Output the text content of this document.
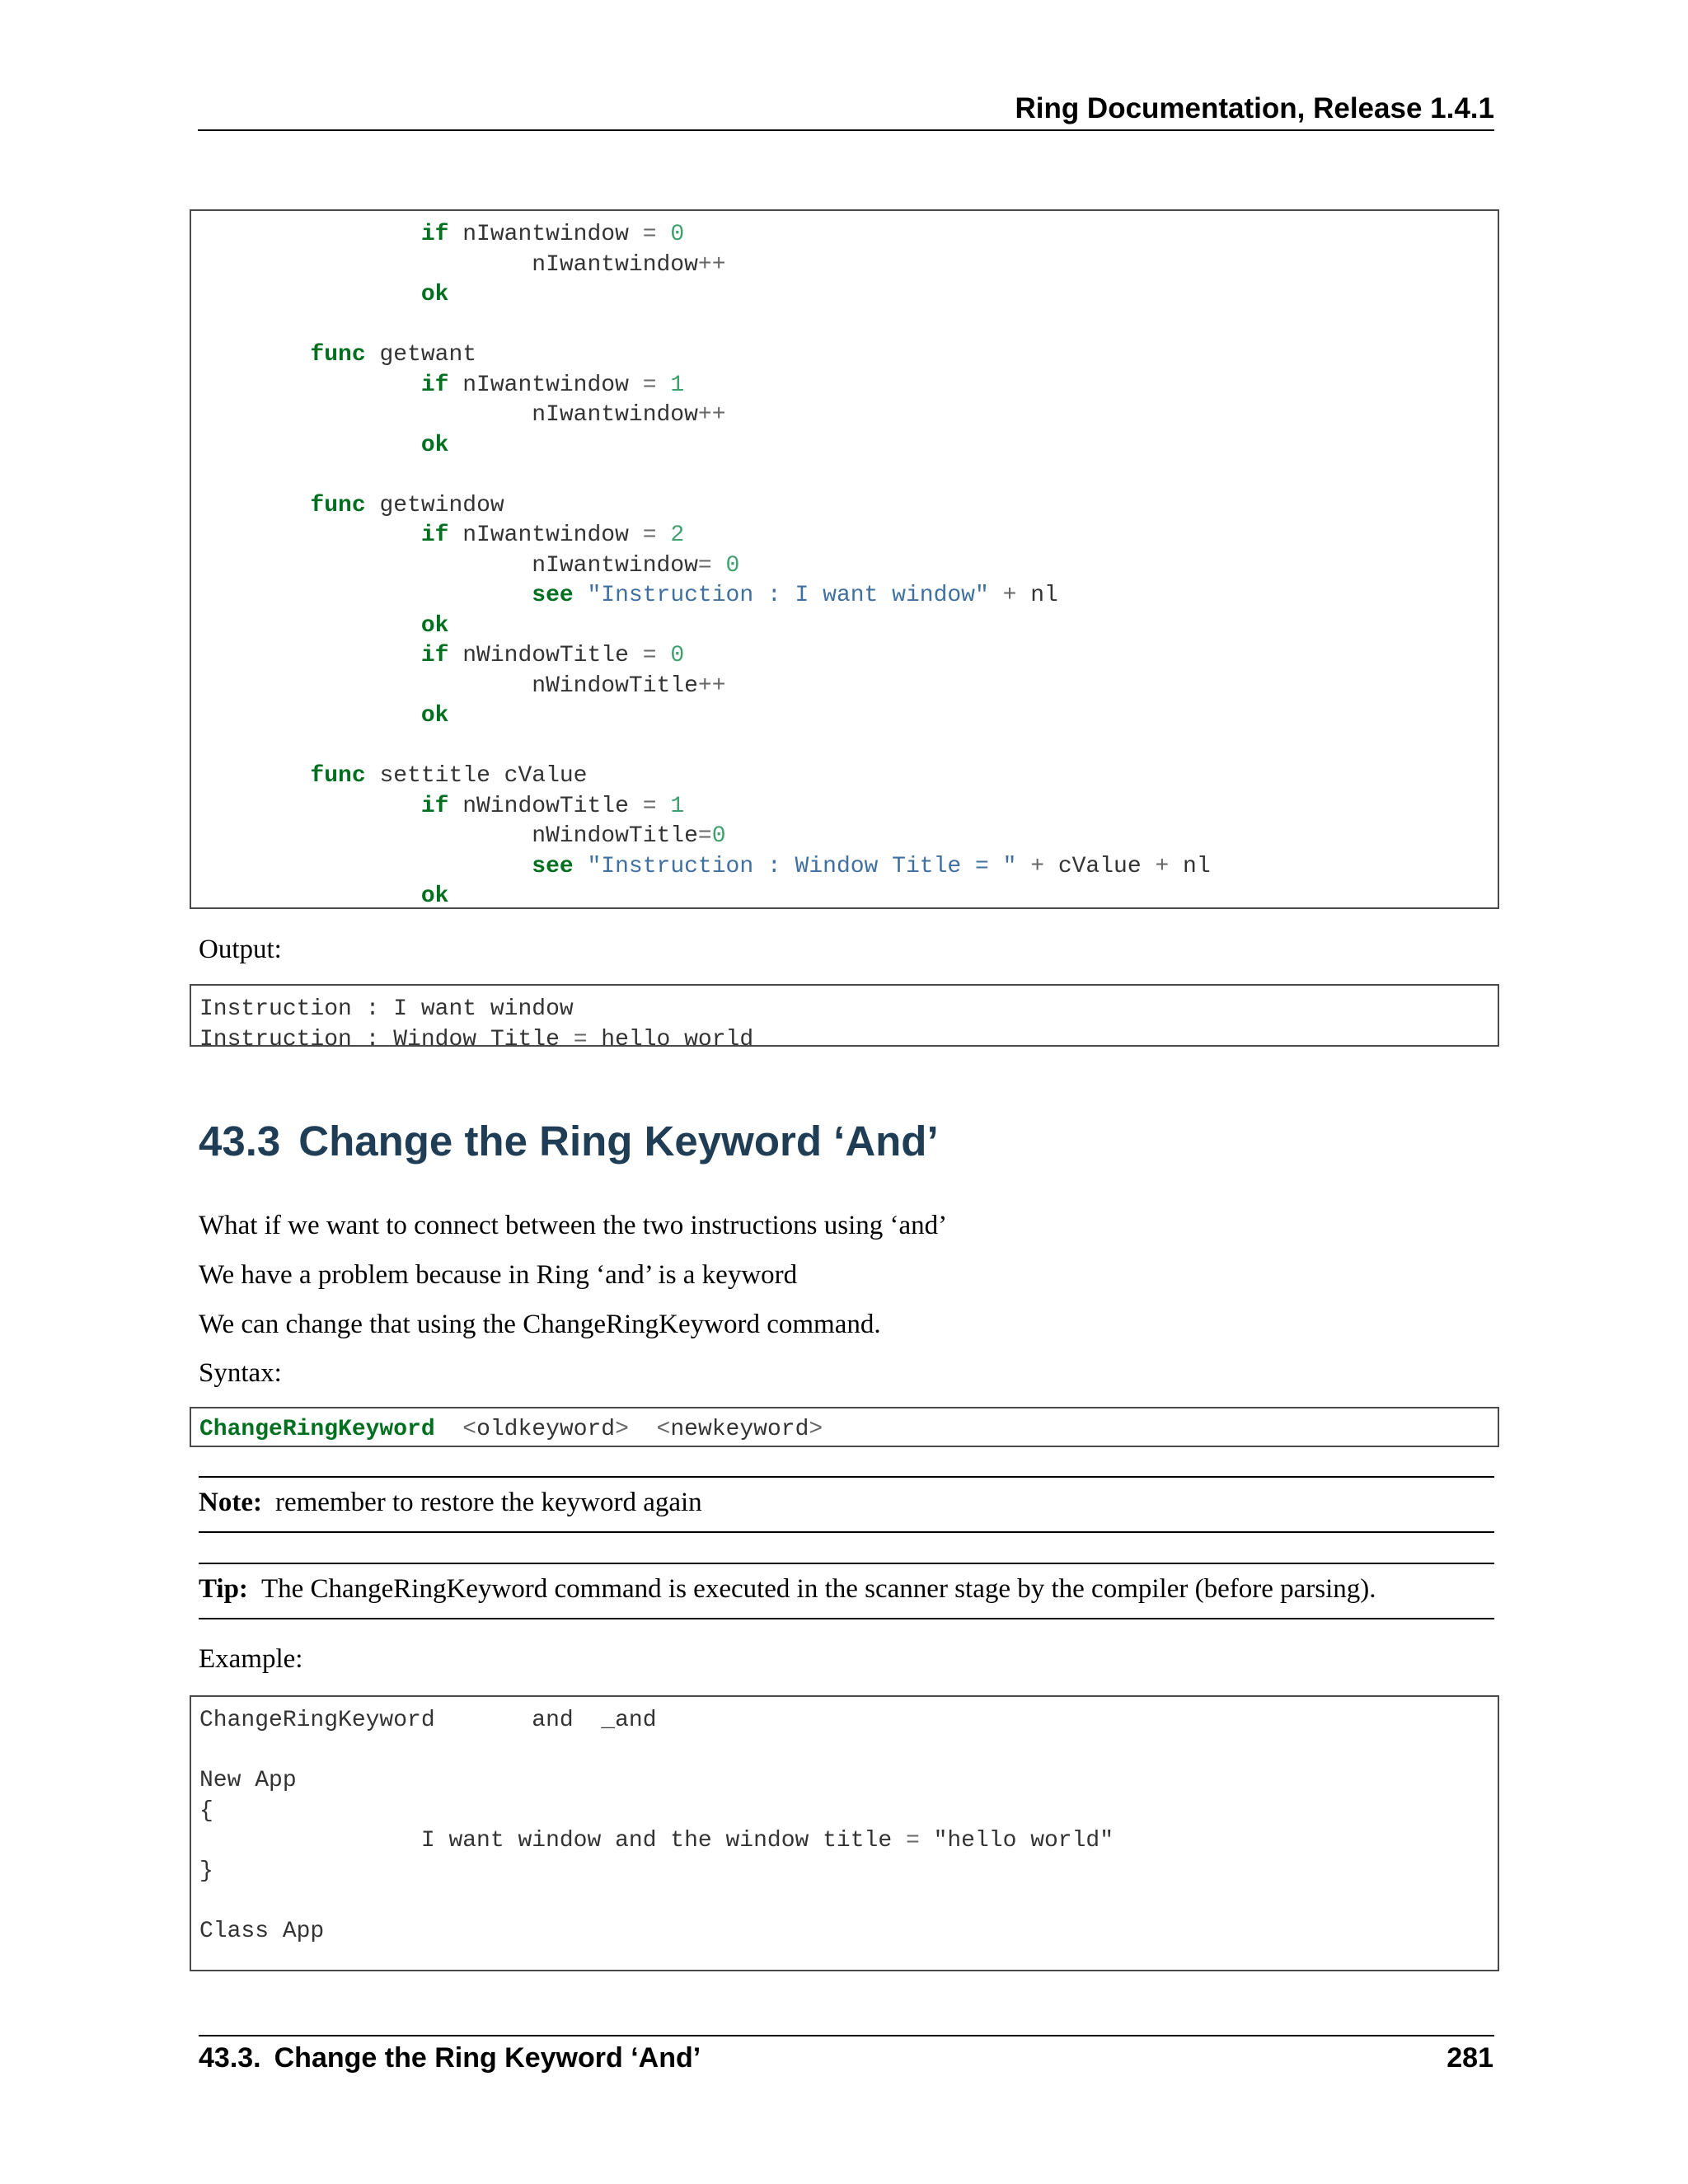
Ring Documentation, Release 1.4.1
if nIwantwindow = 0
nIwantwindow++
ok
func getwant
if nIwantwindow = 1
nIwantwindow++
ok
func getwindow
if nIwantwindow = 2
nIwantwindow= 0
see "Instruction : I want window" + nl
ok
if nWindowTitle = 0
nWindowTitle++
ok
func settitle cValue
if nWindowTitle = 1
nWindowTitle=0
see "Instruction : Window Title = " + cValue + nl
ok
Output:
Instruction : I want window
Instruction : Window Title = hello world
43.3 Change the Ring Keyword ‘And’
What if we want to connect between the two instructions using ‘and’
We have a problem because in Ring ‘and’ is a keyword
We can change that using the ChangeRingKeyword command.
Syntax:
ChangeRingKeyword <oldkeyword> <newkeyword>
Note: remember to restore the keyword again
Tip: The ChangeRingKeyword command is executed in the scanner stage by the compiler (before parsing).
Example:
ChangeRingKeyword       and  _and
New App
{
I want window and the window title = "hello world"
}
Class App
43.3. Change the Ring Keyword ‘And’	281
